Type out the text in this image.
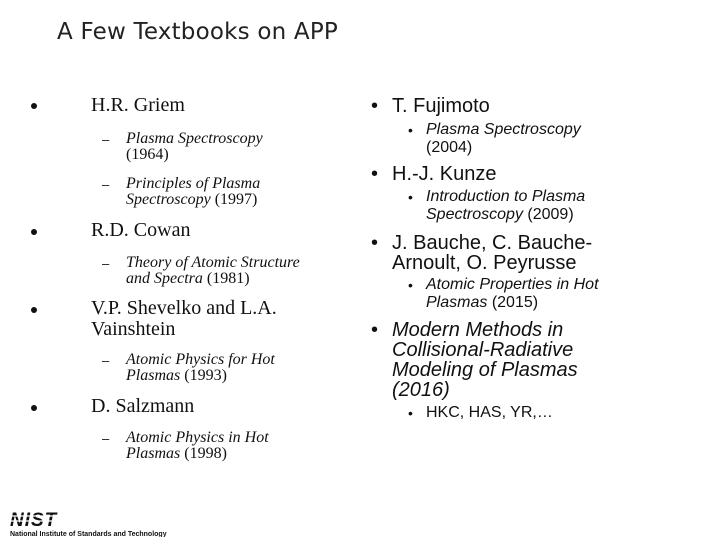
A Few Textbooks on APP
H.R. Griem
– Plasma Spectroscopy
(1964)
– Principles of Plasma
Spectroscopy (1997)
R.D. Cowan
– Theory of Atomic Structure
and Spectra (1981)
V.P. Shevelko and L.A.
Vainshtein
– Atomic Physics for Hot
Plasmas (1993)
D. Salzmann
– Atomic Physics in Hot
Plasmas (1998)
• T. Fujimoto
• Plasma Spectroscopy
(2004)
• H.-J. Kunze
• Introduction to Plasma
Spectroscopy (2009)
• J. Bauche, C. Bauche-
Arnoult, O. Peyrusse
• Atomic Properties in Hot
Plasmas (2015)
• Modern Methods in
Collisional-Radiative
Modeling of Plasmas
(2016)
• HKC, HAS, YR,…
NIST
National Institute of Standards and Technology
